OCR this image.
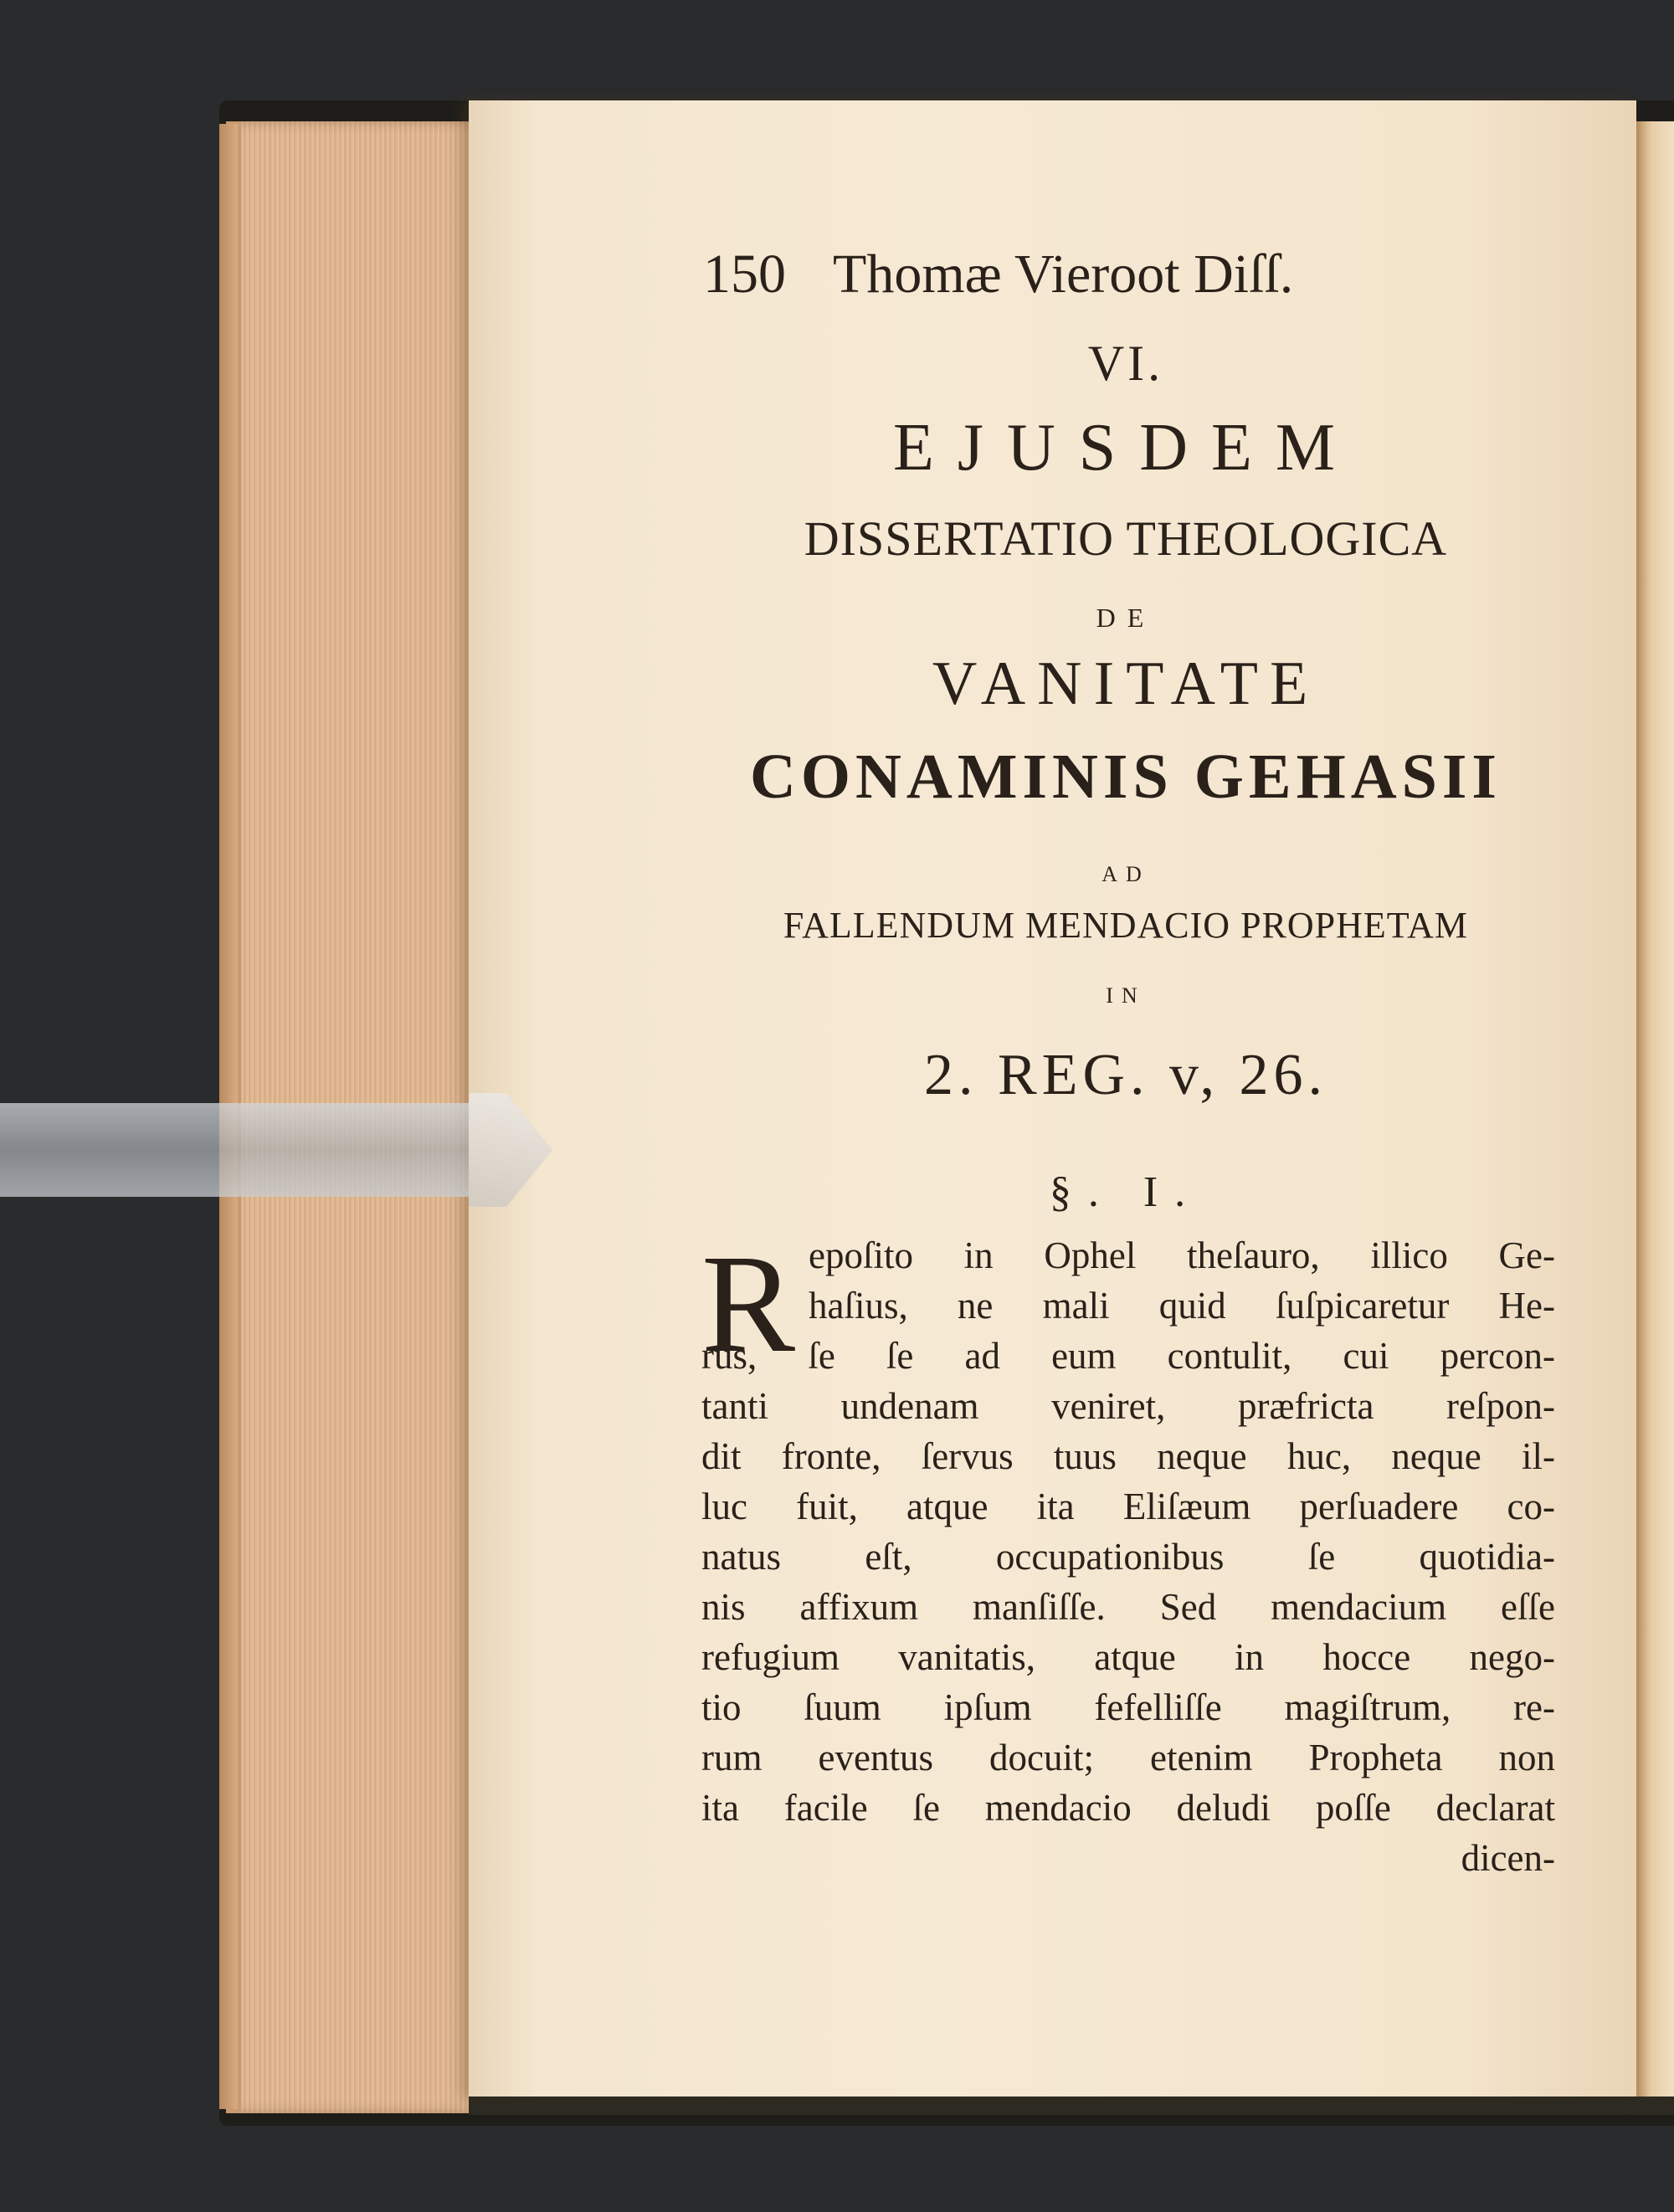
150 Thomæ Vieroot Diſſ.
VI.
EJUSDEM
DISSERTATIO THEOLOGICA
DE
VANITATE
CONAMINIS GEHASII
AD
FALLENDUM MENDACIO PROPHETAM
IN
2. REG. v, 26.
§. I.
R epoſito in Ophel theſauro, illico Ge-
haſius, ne mali quid ſuſpicaretur He-
rus, ſe ſe ad eum contulit, cui percon-
tanti undenam veniret, præfricta reſpon-
dit fronte, ſervus tuus neque huc, neque il-
luc fuit, atque ita Eliſæum perſuadere co-
natus eſt, occupationibus ſe quotidia-
nis affixum manſiſſe. Sed mendacium eſſe
refugium vanitatis, atque in hocce nego-
tio ſuum ipſum fefelliſſe magiſtrum, re-
rum eventus docuit; etenim Propheta non
ita facile ſe mendacio deludi poſſe declarat
dicen-
